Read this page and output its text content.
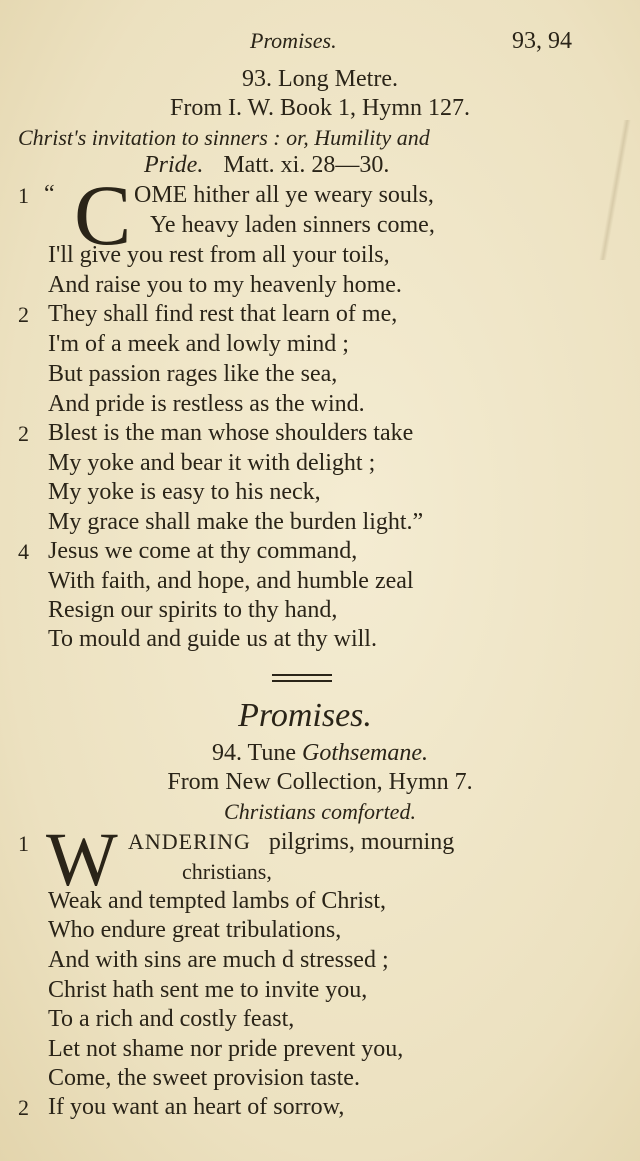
Promises.	93, 94
93. Long Metre.
From I. W. Book 1, Hymn 127.
Christ's invitation to sinners : or, Humility and
Pride. Matt. xi. 28—30.
1 “ C OME hither all ye weary souls,
Ye heavy laden sinners come,
I'll give you rest from all your toils,
And raise you to my heavenly home.
2 They shall find rest that learn of me,
I'm of a meek and lowly mind ;
But passion rages like the sea,
And pride is restless as the wind.
2 Blest is the man whose shoulders take
My yoke and bear it with delight ;
My yoke is easy to his neck,
My grace shall make the burden light.”
4 Jesus we come at thy command,
With faith, and hope, and humble zeal
Resign our spirits to thy hand,
To mould and guide us at thy will.
Promises.
94. Tune Gothsemane.
From New Collection, Hymn 7.
Christians comforted.
1 W ANDERING pilgrims, mourning
christians,
Weak and tempted lambs of Christ,
Who endure great tribulations,
And with sins are much d stressed ;
Christ hath sent me to invite you,
To a rich and costly feast,
Let not shame nor pride prevent you,
Come, the sweet provision taste.
2 If you want an heart of sorrow,
